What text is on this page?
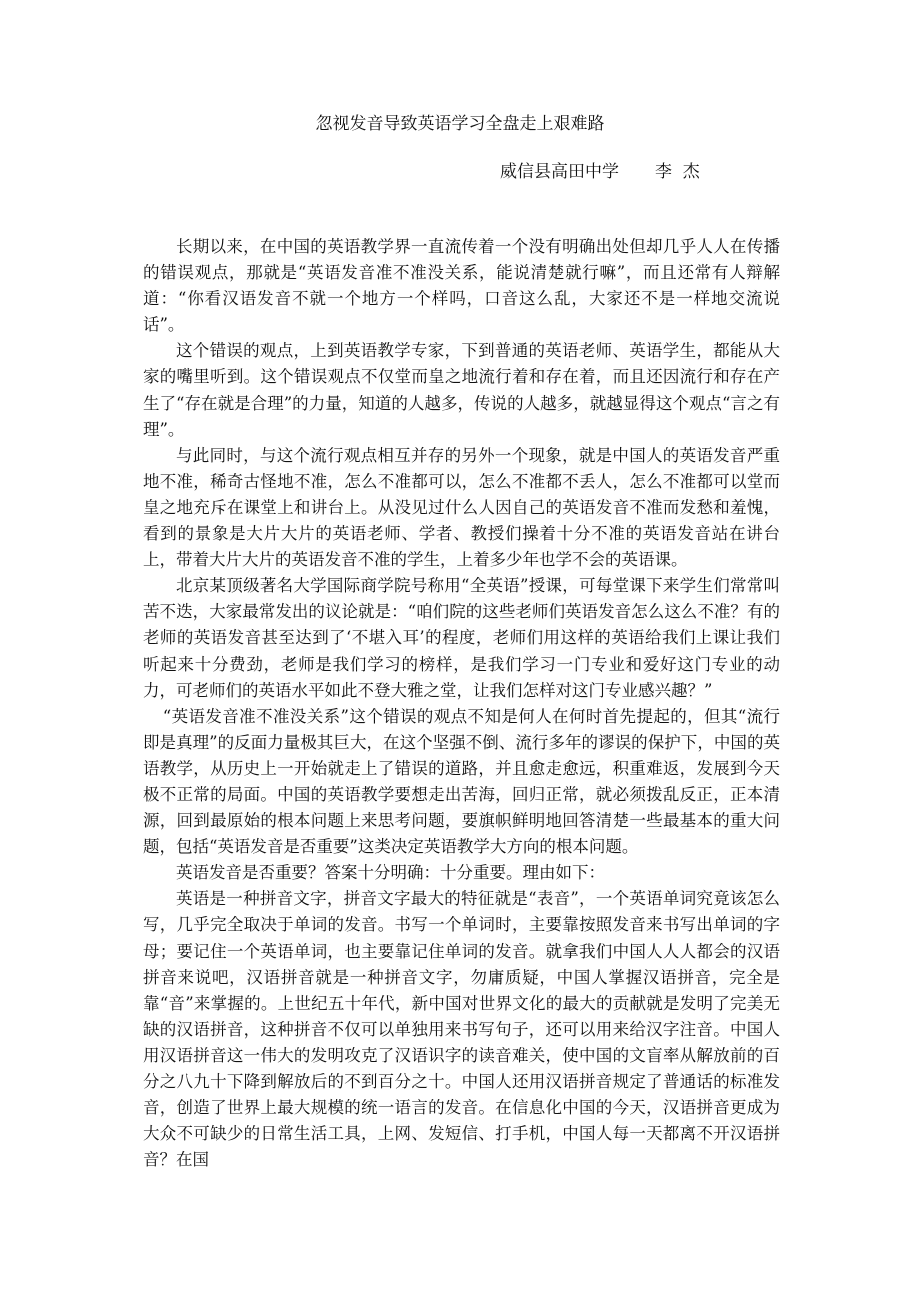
忽视发音导致英语学习全盘走上艰难路
威信县高田中学 李  杰

长期以来，在中国的英语教学界一直流传着一个没有明确出处但却几乎人人在传播的错误观点，那就是“英语发音准不准没关系，能说清楚就行嘛”，而且还常有人辩解道：“你看汉语发音不就一个地方一个样吗，口音这么乱，大家还不是一样地交流说话”。

这个错误的观点，上到英语教学专家，下到普通的英语老师、英语学生，都能从大家的嘴里听到。这个错误观点不仅堂而皇之地流行着和存在着，而且还因流行和存在产生了“存在就是合理”的力量，知道的人越多，传说的人越多，就越显得这个观点“言之有理”。

与此同时，与这个流行观点相互并存的另外一个现象，就是中国人的英语发音严重地不准，稀奇古怪地不准，怎么不准都可以，怎么不准都不丢人，怎么不准都可以堂而皇之地充斥在课堂上和讲台上。从没见过什么人因自己的英语发音不准而发愁和羞愧，看到的景象是大片大片的英语老师、学者、教授们操着十分不准的英语发音站在讲台上，带着大片大片的英语发音不准的学生，上着多少年也学不会的英语课。

北京某顶级著名大学国际商学院号称用“全英语”授课，可每堂课下来学生们常常叫苦不迭，大家最常发出的议论就是：“咱们院的这些老师们英语发音怎么这么不准？有的老师的英语发音甚至达到了‘不堪入耳’的程度，老师们用这样的英语给我们上课让我们听起来十分费劲，老师是我们学习的榜样，是我们学习一门专业和爱好这门专业的动力，可老师们的英语水平如此不登大雅之堂，让我们怎样对这门专业感兴趣？”

“英语发音准不准没关系”这个错误的观点不知是何人在何时首先提起的，但其“流行即是真理”的反面力量极其巨大，在这个坚强不倒、流行多年的谬误的保护下，中国的英语教学，从历史上一开始就走上了错误的道路，并且愈走愈远，积重难返，发展到今天极不正常的局面。中国的英语教学要想走出苦海，回归正常，就必须拨乱反正，正本清源，回到最原始的根本问题上来思考问题，要旗帜鲜明地回答清楚一些最基本的重大问题，包括“英语发音是否重要”这类决定英语教学大方向的根本问题。

英语发音是否重要？答案十分明确：十分重要。理由如下：

英语是一种拼音文字，拼音文字最大的特征就是“表音”，一个英语单词究竟该怎么写，几乎完全取决于单词的发音。书写一个单词时，主要靠按照发音来书写出单词的字母；要记住一个英语单词，也主要靠记住单词的发音。就拿我们中国人人人都会的汉语拼音来说吧，汉语拼音就是一种拼音文字，勿庸质疑，中国人掌握汉语拼音，完全是靠“音”来掌握的。上世纪五十年代，新中国对世界文化的最大的贡献就是发明了完美无缺的汉语拼音，这种拼音不仅可以单独用来书写句子，还可以用来给汉字注音。中国人用汉语拼音这一伟大的发明攻克了汉语识字的读音难关，使中国的文盲率从解放前的百分之八九十下降到解放后的不到百分之十。中国人还用汉语拼音规定了普通话的标准发音，创造了世界上最大规模的统一语言的发音。在信息化中国的今天，汉语拼音更成为大众不可缺少的日常生活工具，上网、发短信、打手机，中国人每一天都离不开汉语拼音？在国
